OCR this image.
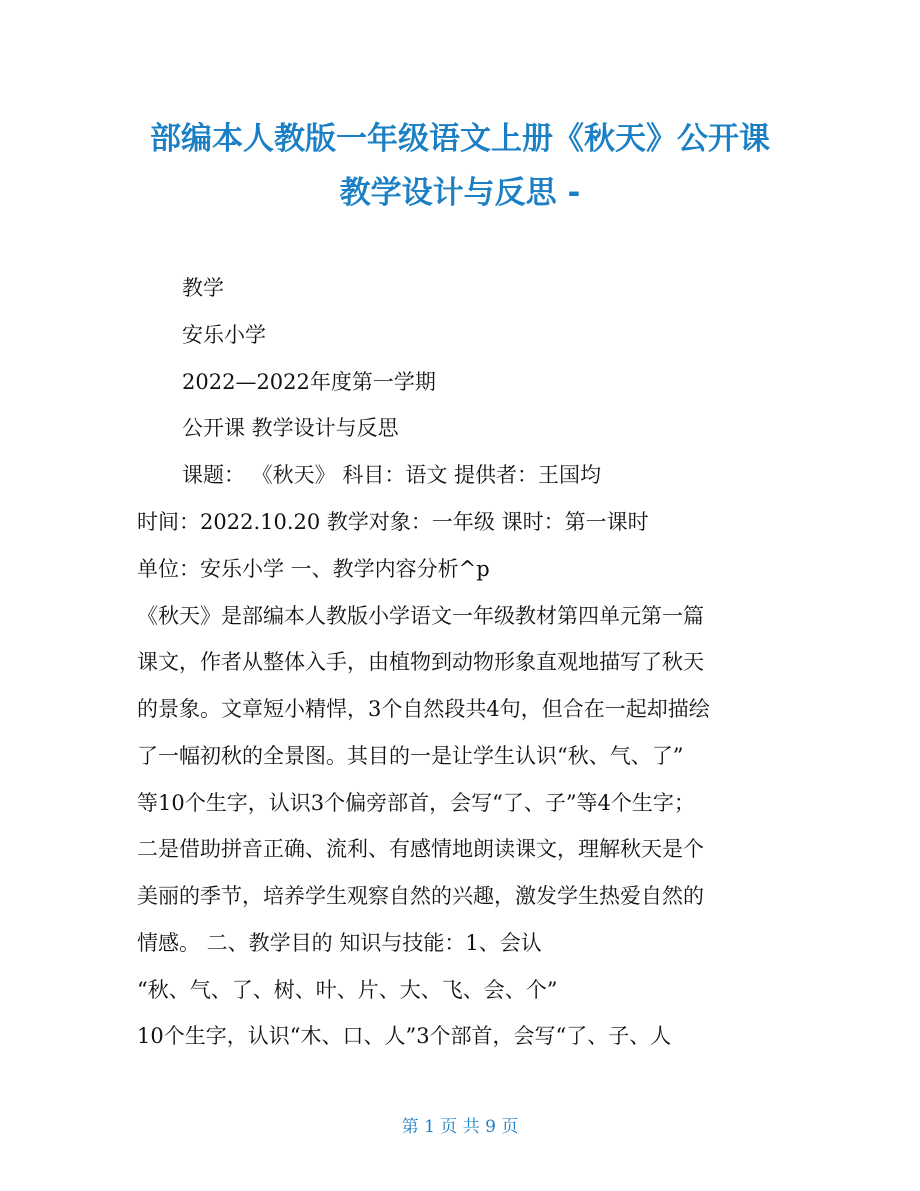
部编本人教版一年级语文上册《秋天》公开课
教学设计与反思 -
教学
安乐小学
2022—2022年度第一学期
公开课 教学设计与反思
课题： 《秋天》 科目：语文 提供者：王国均
时间：2022.10.20 教学对象：一年级 课时：第一课时
单位：安乐小学 一、教学内容分析^p
《秋天》是部编本人教版小学语文一年级教材第四单元第一篇
课文，作者从整体入手，由植物到动物形象直观地描写了秋天
的景象。文章短小精悍，3个自然段共4句，但合在一起却描绘
了一幅初秋的全景图。其目的一是让学生认识“秋、气、了”
等10个生字，认识3个偏旁部首，会写“了、子”等4个生字；
二是借助拼音正确、流利、有感情地朗读课文，理解秋天是个
美丽的季节，培养学生观察自然的兴趣，激发学生热爱自然的
情感。 二、教学目的 知识与技能：1、会认
“秋、气、了、树、叶、片、大、飞、会、个”
10个生字，认识“木、口、人”3个部首，会写“了、子、人
第 1 页 共 9 页
